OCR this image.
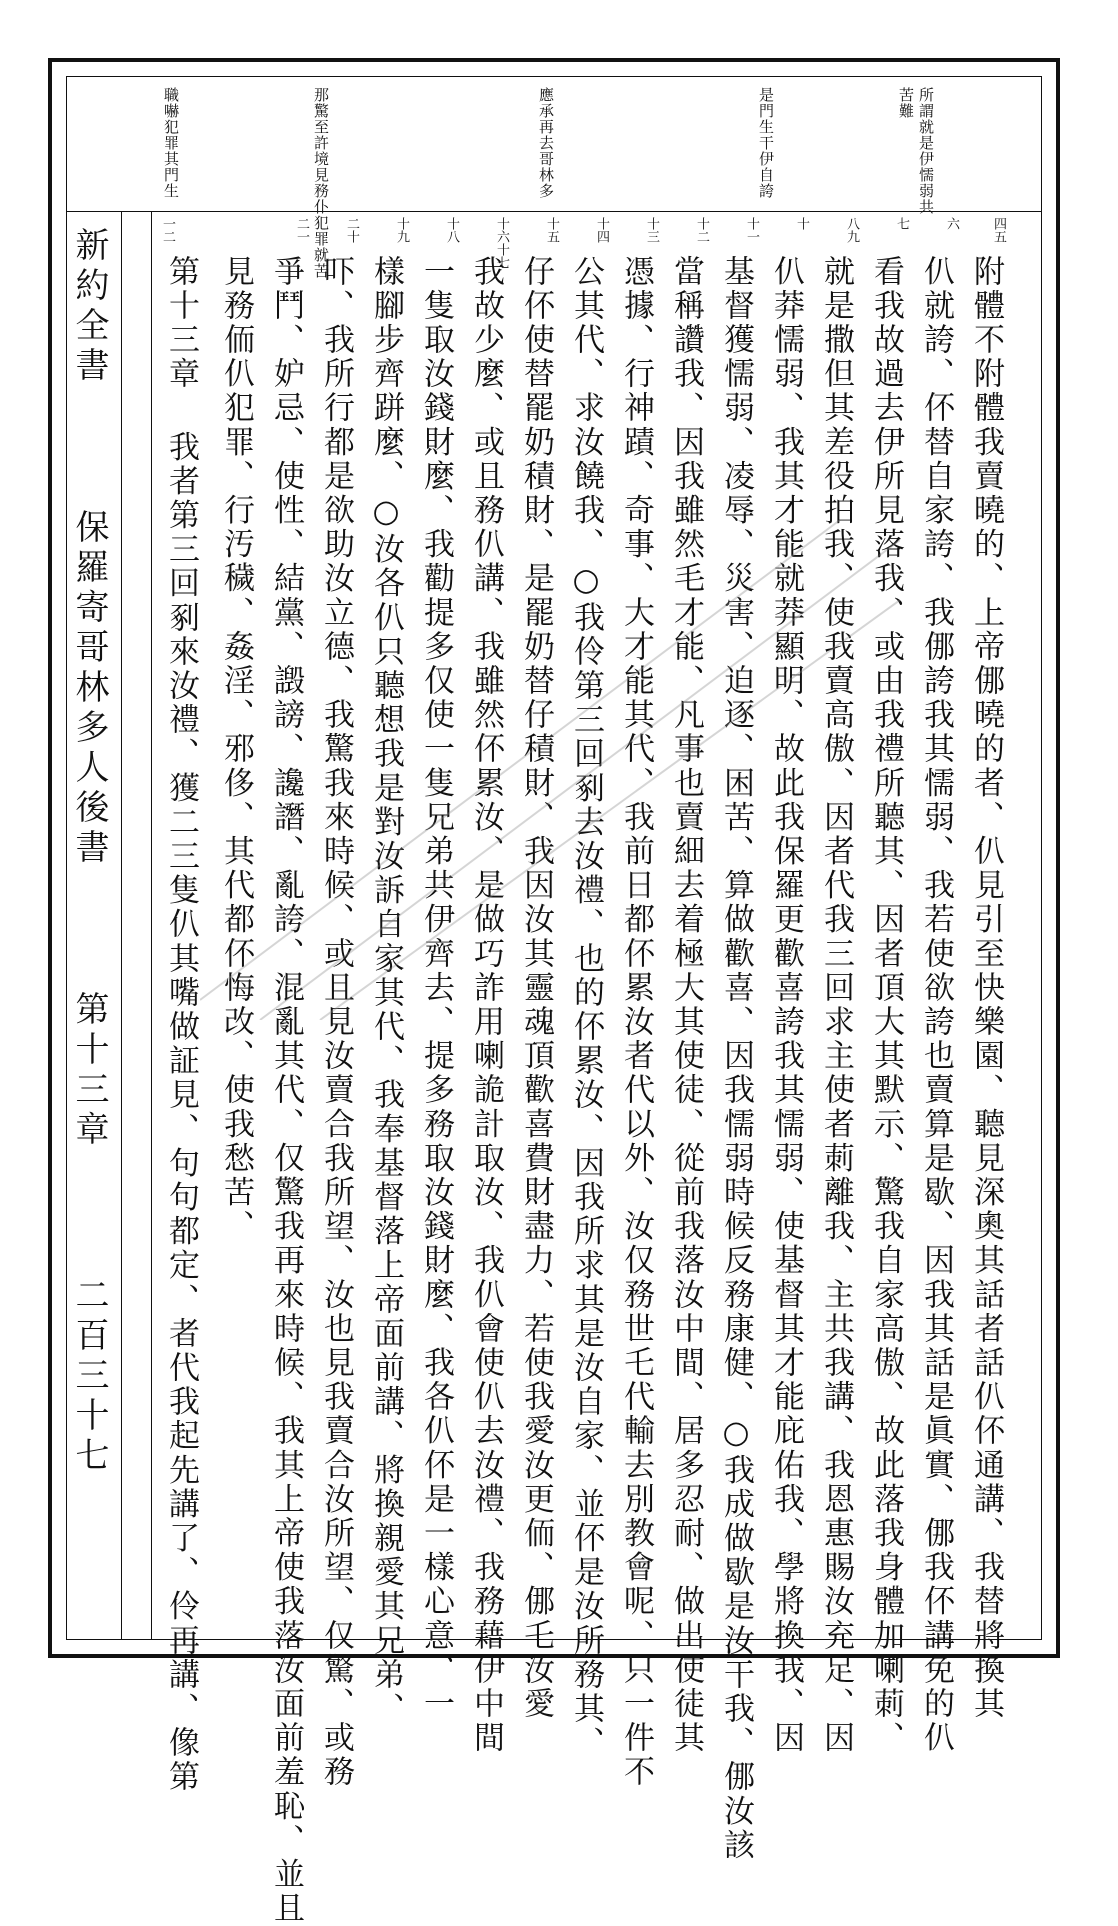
新約全書  保羅寄哥林多人後書  第十三章
二百三十七
所謂就是伊懦弱共
苦難
是門生干伊自誇
應承再去哥林多
那驚至許境見務仆犯罪就苦
職嚇犯罪其門生
四五
六
七
八九
十
十一
十二
十三
十四
十五
十六十七
十八
十九
二十
二一
一二
附體不附體我賣曉的、上帝㑚曉的者、仈見引至快樂園、聽見深奧其話者話仈伓通講、我替將換其
仈就誇、伓替自家誇、我㑚誇我其懦弱、我若使欲誇也賣算是歇、因我其話是眞實、㑚我伓講免的仈
看我故過去伊所見落我、或由我禮所聽其、因者頂大其默示、驚我自家高傲、故此落我身體加喇莿、
就是撒但其差役拍我、使我賣高傲、因者代我三回求主使者莿離我、主共我講、我恩惠賜汝充足、因
仈莽懦弱、我其才能就莽顯明、故此我保羅更歡喜誇我其懦弱、使基督其才能庇佑我、學將換我、因
基督獲懦弱、凌辱、災害、迫逐、困苦、算做歡喜、因我懦弱時候反務康健、○我成做歇是汝干我、㑚汝該
當稱讚我、因我雖然毛才能、凡事也賣細去着極大其使徒、從前我落汝中間、居多忍耐、做出使徒其
憑據、行神蹟、奇事、大才能其代、我前日都伓累汝者代以外、汝仅務世乇代輸去別教會呢、只一件不
公其代、求汝饒我、○我伶第三回剢去汝禮、也的伓累汝、因我所求其是汝自家、並伓是汝所務其、
仔伓使替罷奶積財、是罷奶替仔積財、我因汝其靈魂頂歡喜費財盡力、若使我愛汝更侕、㑚乇汝愛
我故少麼、或且務仈講、我雖然伓累汝、是做巧詐用喇詭計取汝、我仈會使仈去汝禮、我務藉伊中間
一隻取汝錢財麼、我勸提多仅使一隻兄弟共伊齊去、提多務取汝錢財麼、我各仈伓是一樣心意、一
樣腳步齊跰麼、○汝各仈只聽想我是對汝訴自家其代、我奉基督落上帝面前講、將換親愛其兄弟、
吓、我所行都是欲助汝立德、我驚我來時候、或且見汝賣合我所望、汝也見我賣合汝所望、仅驚、或務
爭鬥、妒忌、使性、結黨、譭謗、讒譖、亂誇、混亂其代、仅驚我再來時候、我其上帝使我落汝面前羞恥、並且
見務侕仈犯罪、行汚穢、姦淫、邪侈、其代都伓悔改、使我愁苦、
第十三章 我者第三回剢來汝禮、獲二三隻仈其嘴做証見、句句都定、者代我起先講了、伶再講、像第
